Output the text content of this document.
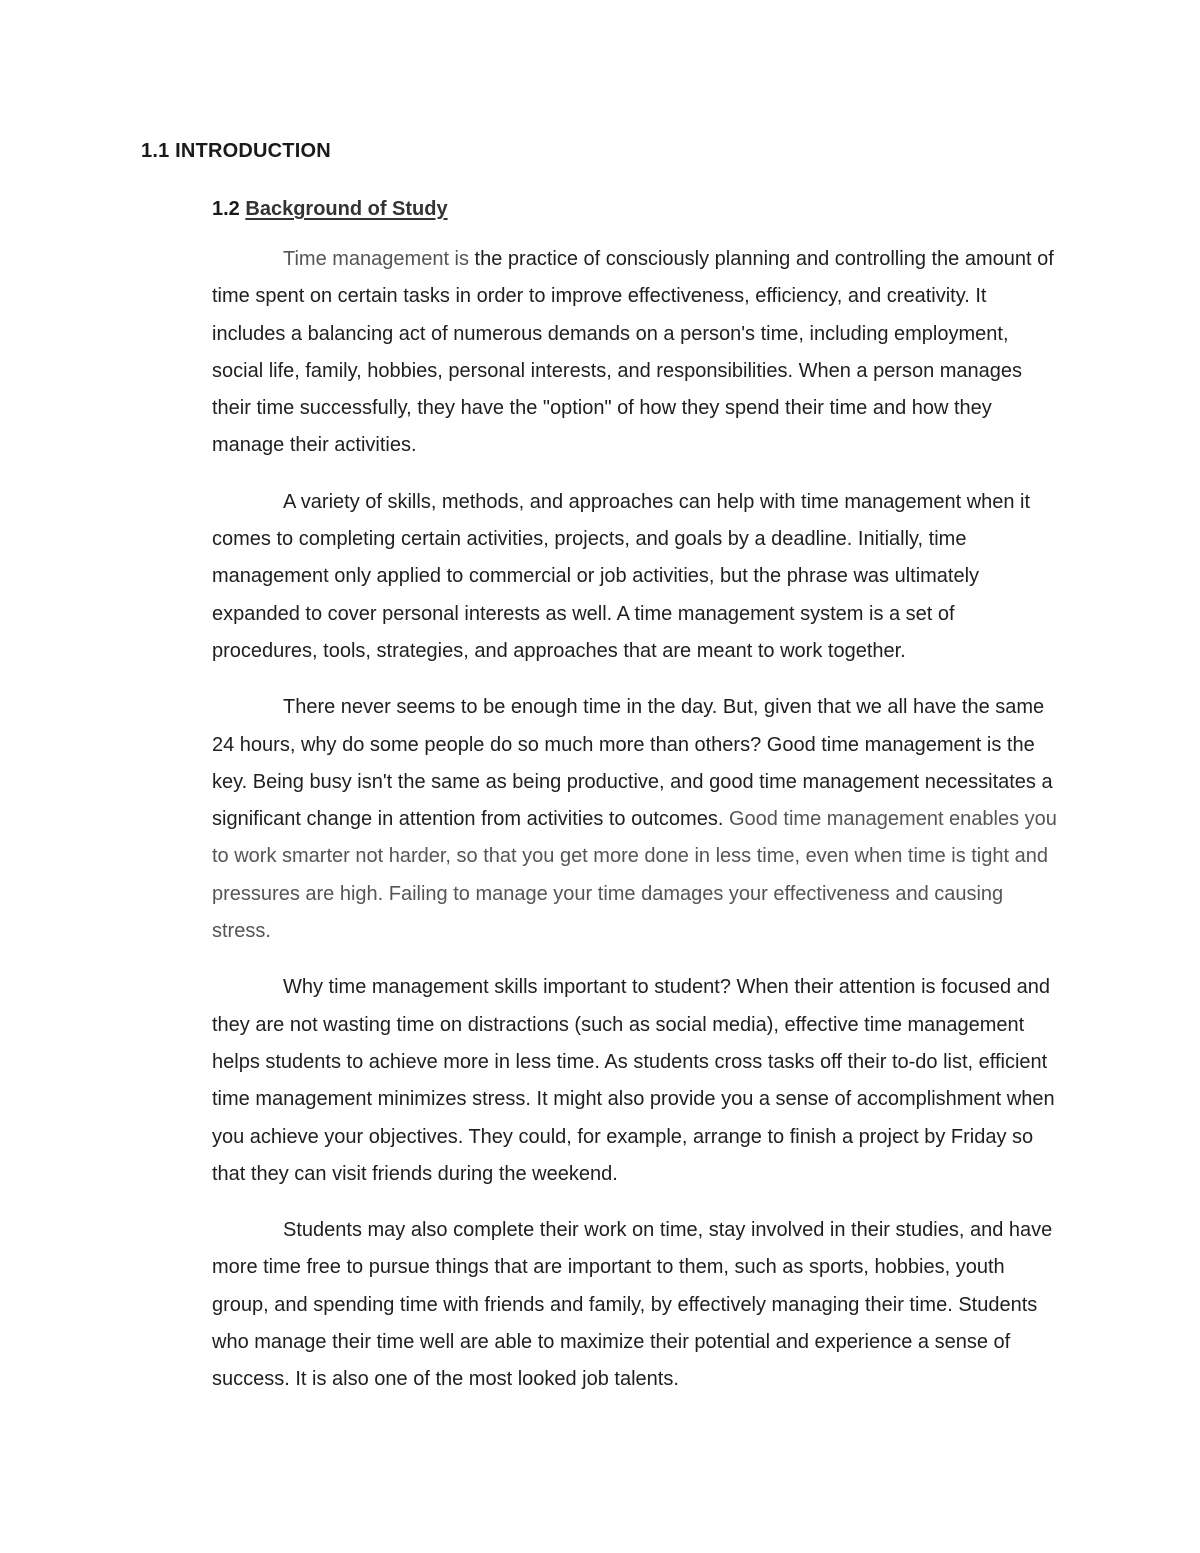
1.1 INTRODUCTION
1.2 Background of Study

Time management is the practice of consciously planning and controlling the amount of time spent on certain tasks in order to improve effectiveness, efficiency, and creativity. It includes a balancing act of numerous demands on a person's time, including employment, social life, family, hobbies, personal interests, and responsibilities. When a person manages their time successfully, they have the "option" of how they spend their time and how they manage their activities.

A variety of skills, methods, and approaches can help with time management when it comes to completing certain activities, projects, and goals by a deadline. Initially, time management only applied to commercial or job activities, but the phrase was ultimately expanded to cover personal interests as well. A time management system is a set of procedures, tools, strategies, and approaches that are meant to work together.

There never seems to be enough time in the day. But, given that we all have the same 24 hours, why do some people do so much more than others? Good time management is the key. Being busy isn't the same as being productive, and good time management necessitates a significant change in attention from activities to outcomes. Good time management enables you to work smarter not harder, so that you get more done in less time, even when time is tight and pressures are high. Failing to manage your time damages your effectiveness and causing stress.

Why time management skills important to student? When their attention is focused and they are not wasting time on distractions (such as social media), effective time management helps students to achieve more in less time. As students cross tasks off their to-do list, efficient time management minimizes stress. It might also provide you a sense of accomplishment when you achieve your objectives. They could, for example, arrange to finish a project by Friday so that they can visit friends during the weekend.

Students may also complete their work on time, stay involved in their studies, and have more time free to pursue things that are important to them, such as sports, hobbies, youth group, and spending time with friends and family, by effectively managing their time. Students who manage their time well are able to maximize their potential and experience a sense of success. It is also one of the most looked job talents.
